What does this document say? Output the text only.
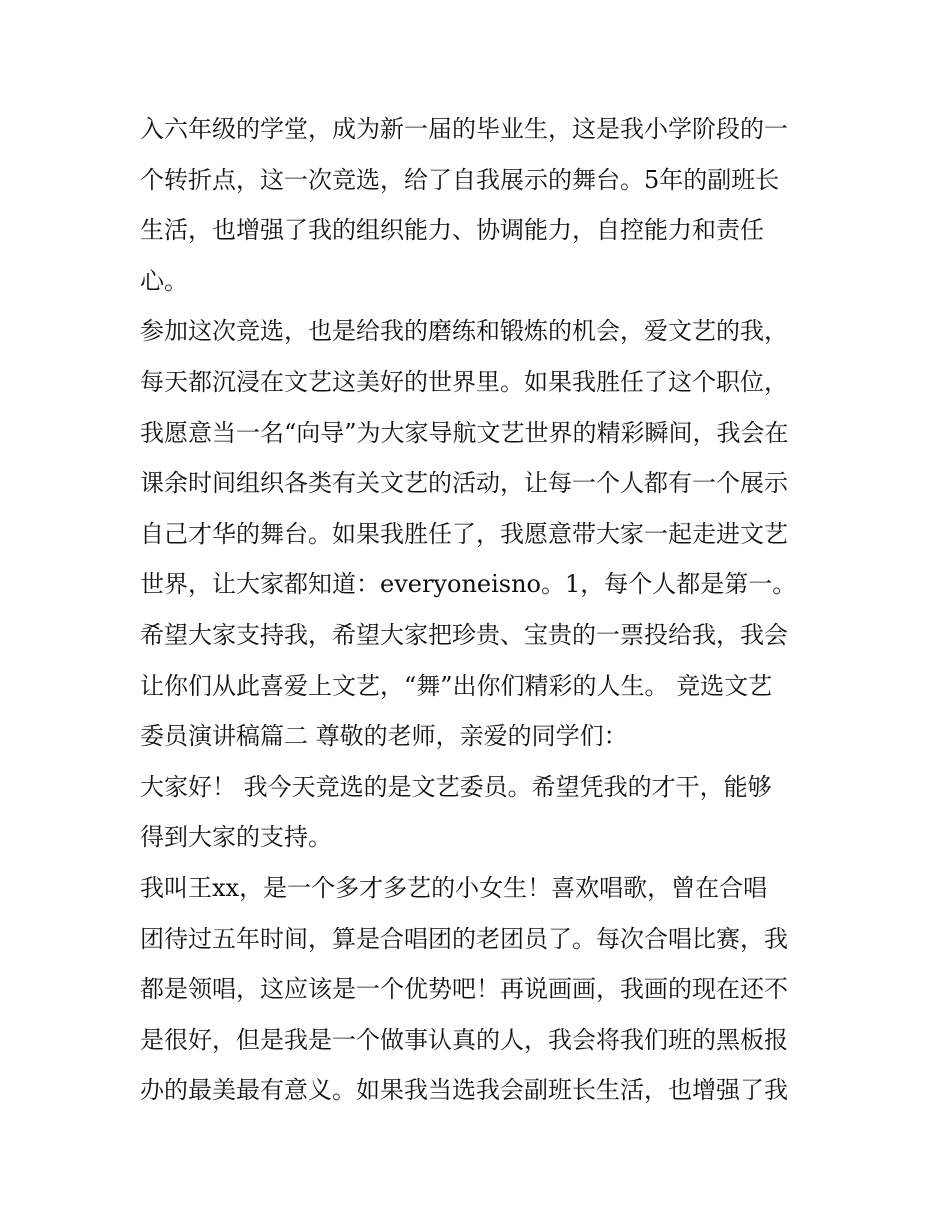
入六年级的学堂，成为新一届的毕业生，这是我小学阶段的一
个转折点，这一次竞选，给了自我展示的舞台。5年的副班长
生活，也增强了我的组织能力、协调能力，自控能力和责任
心。
参加这次竞选，也是给我的磨练和锻炼的机会，爱文艺的我，
每天都沉浸在文艺这美好的世界里。如果我胜任了这个职位，
我愿意当一名“向导”为大家导航文艺世界的精彩瞬间，我会在
课余时间组织各类有关文艺的活动，让每一个人都有一个展示
自己才华的舞台。如果我胜任了，我愿意带大家一起走进文艺
世界，让大家都知道：everyoneisno。1，每个人都是第一。
希望大家支持我，希望大家把珍贵、宝贵的一票投给我，我会
让你们从此喜爱上文艺，“舞”出你们精彩的人生。 竞选文艺
委员演讲稿篇二 尊敬的老师，亲爱的同学们：
大家好！ 我今天竞选的是文艺委员。希望凭我的才干，能够
得到大家的支持。
我叫王xx，是一个多才多艺的小女生！喜欢唱歌，曾在合唱
团待过五年时间，算是合唱团的老团员了。每次合唱比赛，我
都是领唱，这应该是一个优势吧！再说画画，我画的现在还不
是很好，但是我是一个做事认真的人，我会将我们班的黑板报
办的最美最有意义。如果我当选我会副班长生活，也增强了我
